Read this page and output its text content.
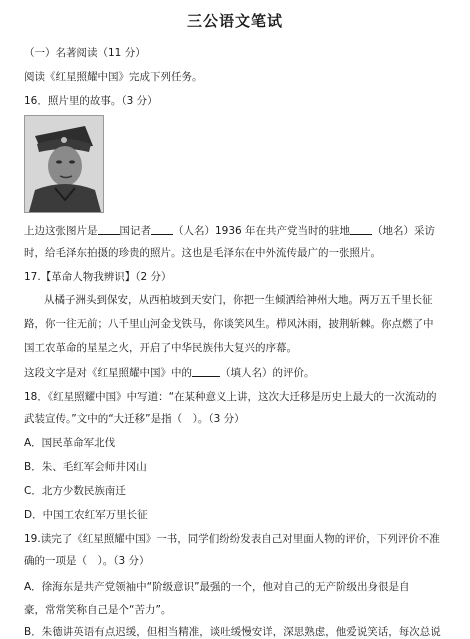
三公语文笔试
（一）名著阅读（11 分）
阅读《红星照耀中国》完成下列任务。
16．照片里的故事。（3 分）
上边这张图片是 国记者 （人名）1936 年在共产党当时的驻地 （地名）采访
时，给毛泽东拍摄的珍贵的照片。这也是毛泽东在中外流传最广的一张照片。
17.【革命人物我辨识】（2 分）
从橘子洲头到保安，从西柏坡到天安门，你把一生倾洒给神州大地。两万五千里长征
路，你一往无前；八千里山河金戈铁马，你谈笑风生。栉风沐雨，披荆斩棘。你点燃了中
国工农革命的星星之火，开启了中华民族伟大复兴的序幕。
这段文字是对《红星照耀中国》中的	（填人名）的评价。
18．《红星照耀中国》中写道：“在某种意义上讲，这次大迁移是历史上最大的一次流动的
武装宣传。”文中的“大迁移”是指（　）。（3 分）
A．国民革命军北伐
B．朱、毛红军会师井冈山
C．北方少数民族南迁
D．中国工农红军万里长征
19.读完了《红星照耀中国》一书，同学们纷纷发表自己对里面人物的评价，下列评价不准
确的一项是（　）。（3 分）
A．徐海东是共产党领袖中“阶级意识”最强的一个，他对自己的无产阶级出身很是自
豪，常常笑称自己是个“苦力”。
B．朱德讲英语有点迟缓，但相当精准，谈吐缓慢安详，深思熟虑，他爱说笑话，每次总说
